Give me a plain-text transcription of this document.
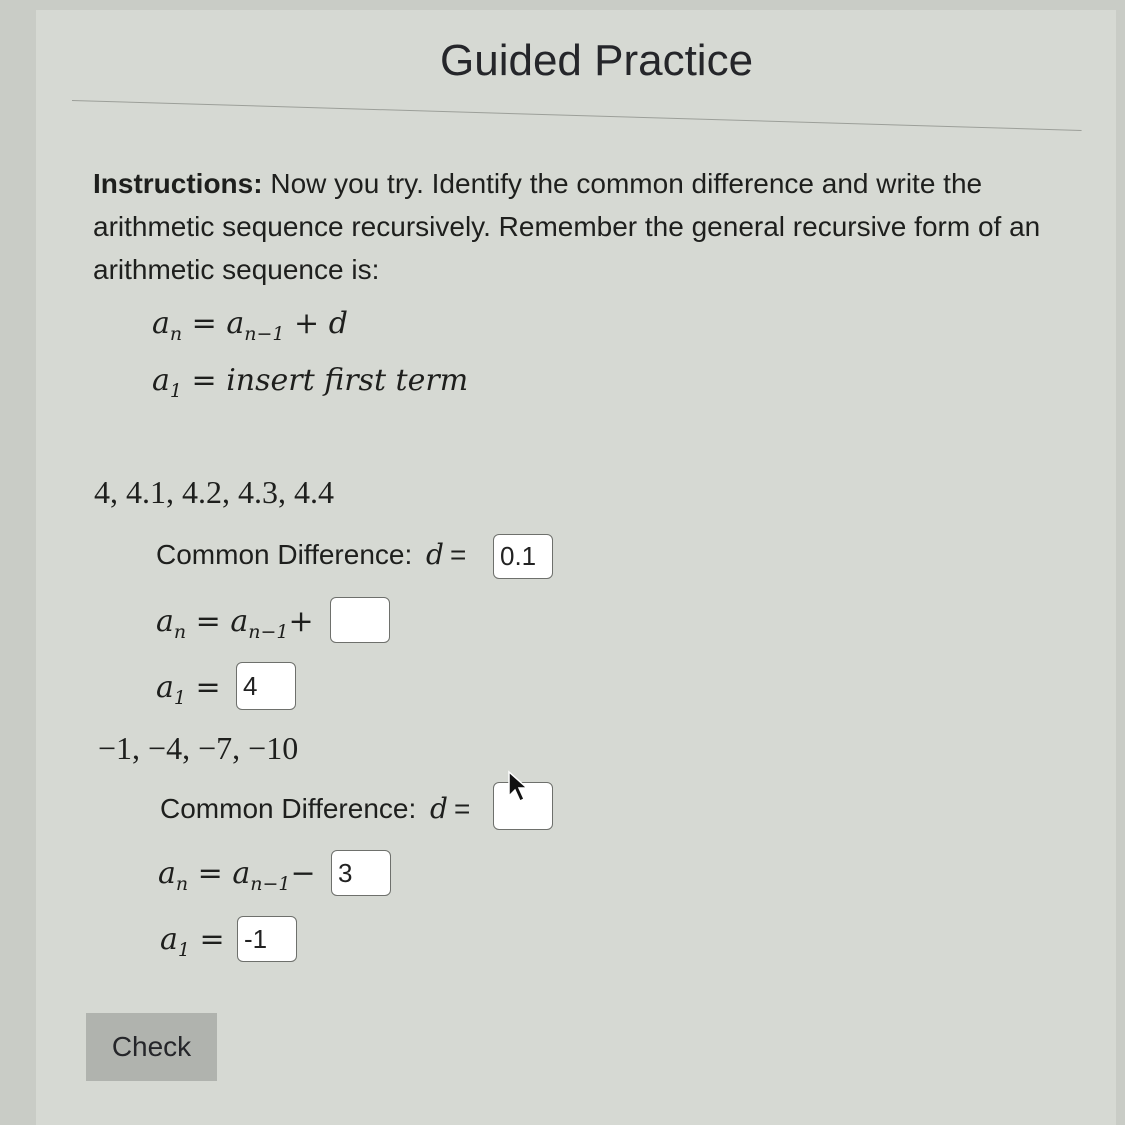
Guided Practice

Instructions: Now you try. Identify the common difference and write the arithmetic sequence recursively. Remember the general recursive form of an arithmetic sequence is:

$a_n = a_{n-1} + d$
$a_1$ = insert first term
4, 4.1, 4.2, 4.3, 4.4
Common Difference: d =
0.1
$a_n = a_{n-1}+$
$a_1$ =
4
−1, −4, −7, −10
Common Difference: d =
$a_n = a_{n-1}-$
3
$a_1$ =
-1
Check
